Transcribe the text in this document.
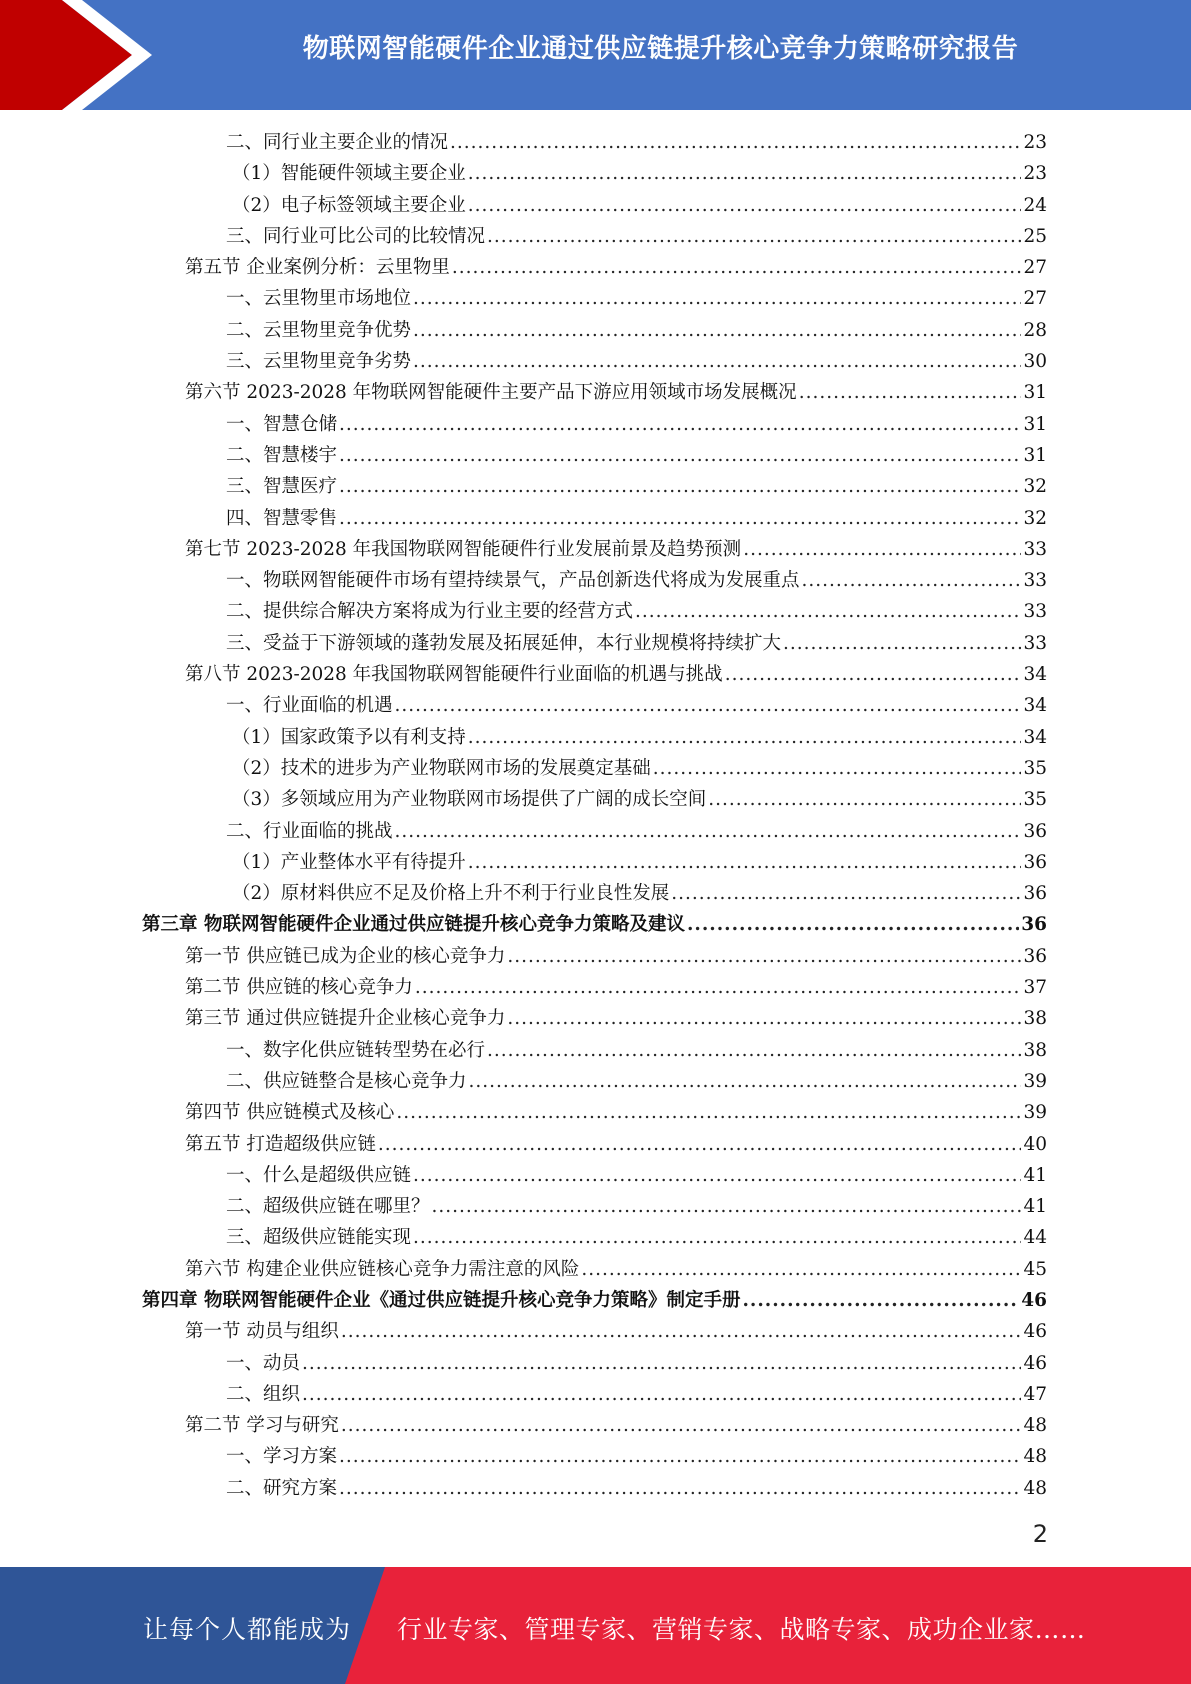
物联网智能硬件企业通过供应链提升核心竞争力策略研究报告
二、同行业主要企业的情况 .....	23
（1）智能硬件领域主要企业 .....	23
（2）电子标签领域主要企业 .....	24
三、同行业可比公司的比较情况 .....	25
第五节 企业案例分析：云里物里 .....	27
一、云里物里市场地位 .....	27
二、云里物里竞争优势 .....	28
三、云里物里竞争劣势 .....	30
第六节 2023-2028 年物联网智能硬件主要产品下游应用领域市场发展概况 .....	31
一、智慧仓储 .....	31
二、智慧楼宇 .....	31
三、智慧医疗 .....	32
四、智慧零售 .....	32
第七节 2023-2028 年我国物联网智能硬件行业发展前景及趋势预测 .....	33
一、物联网智能硬件市场有望持续景气，产品创新迭代将成为发展重点 .....	33
二、提供综合解决方案将成为行业主要的经营方式 .....	33
三、受益于下游领域的蓬勃发展及拓展延伸，本行业规模将持续扩大 .....	33
第八节 2023-2028 年我国物联网智能硬件行业面临的机遇与挑战 .....	34
一、行业面临的机遇 .....	34
（1）国家政策予以有利支持 .....	34
（2）技术的进步为产业物联网市场的发展奠定基础 .....	35
（3）多领域应用为产业物联网市场提供了广阔的成长空间 .....	35
二、行业面临的挑战 .....	36
（1）产业整体水平有待提升 .....	36
（2）原材料供应不足及价格上升不利于行业良性发展 .....	36
第三章 物联网智能硬件企业通过供应链提升核心竞争力策略及建议 .....	36
第一节 供应链已成为企业的核心竞争力 .....	36
第二节 供应链的核心竞争力 .....	37
第三节 通过供应链提升企业核心竞争力 .....	38
一、数字化供应链转型势在必行 .....	38
二、供应链整合是核心竞争力 .....	39
第四节 供应链模式及核心 .....	39
第五节 打造超级供应链 .....	40
一、什么是超级供应链 .....	41
二、超级供应链在哪里？ .....	41
三、超级供应链能实现 .....	44
第六节 构建企业供应链核心竞争力需注意的风险 .....	45
第四章 物联网智能硬件企业《通过供应链提升核心竞争力策略》制定手册 .....	46
第一节 动员与组织 .....	46
一、动员 .....	46
二、组织 .....	47
第二节 学习与研究 .....	48
一、学习方案 .....	48
二、研究方案 .....	48
2
让每个人都能成为 行业专家、管理专家、营销专家、战略专家、成功企业家……
